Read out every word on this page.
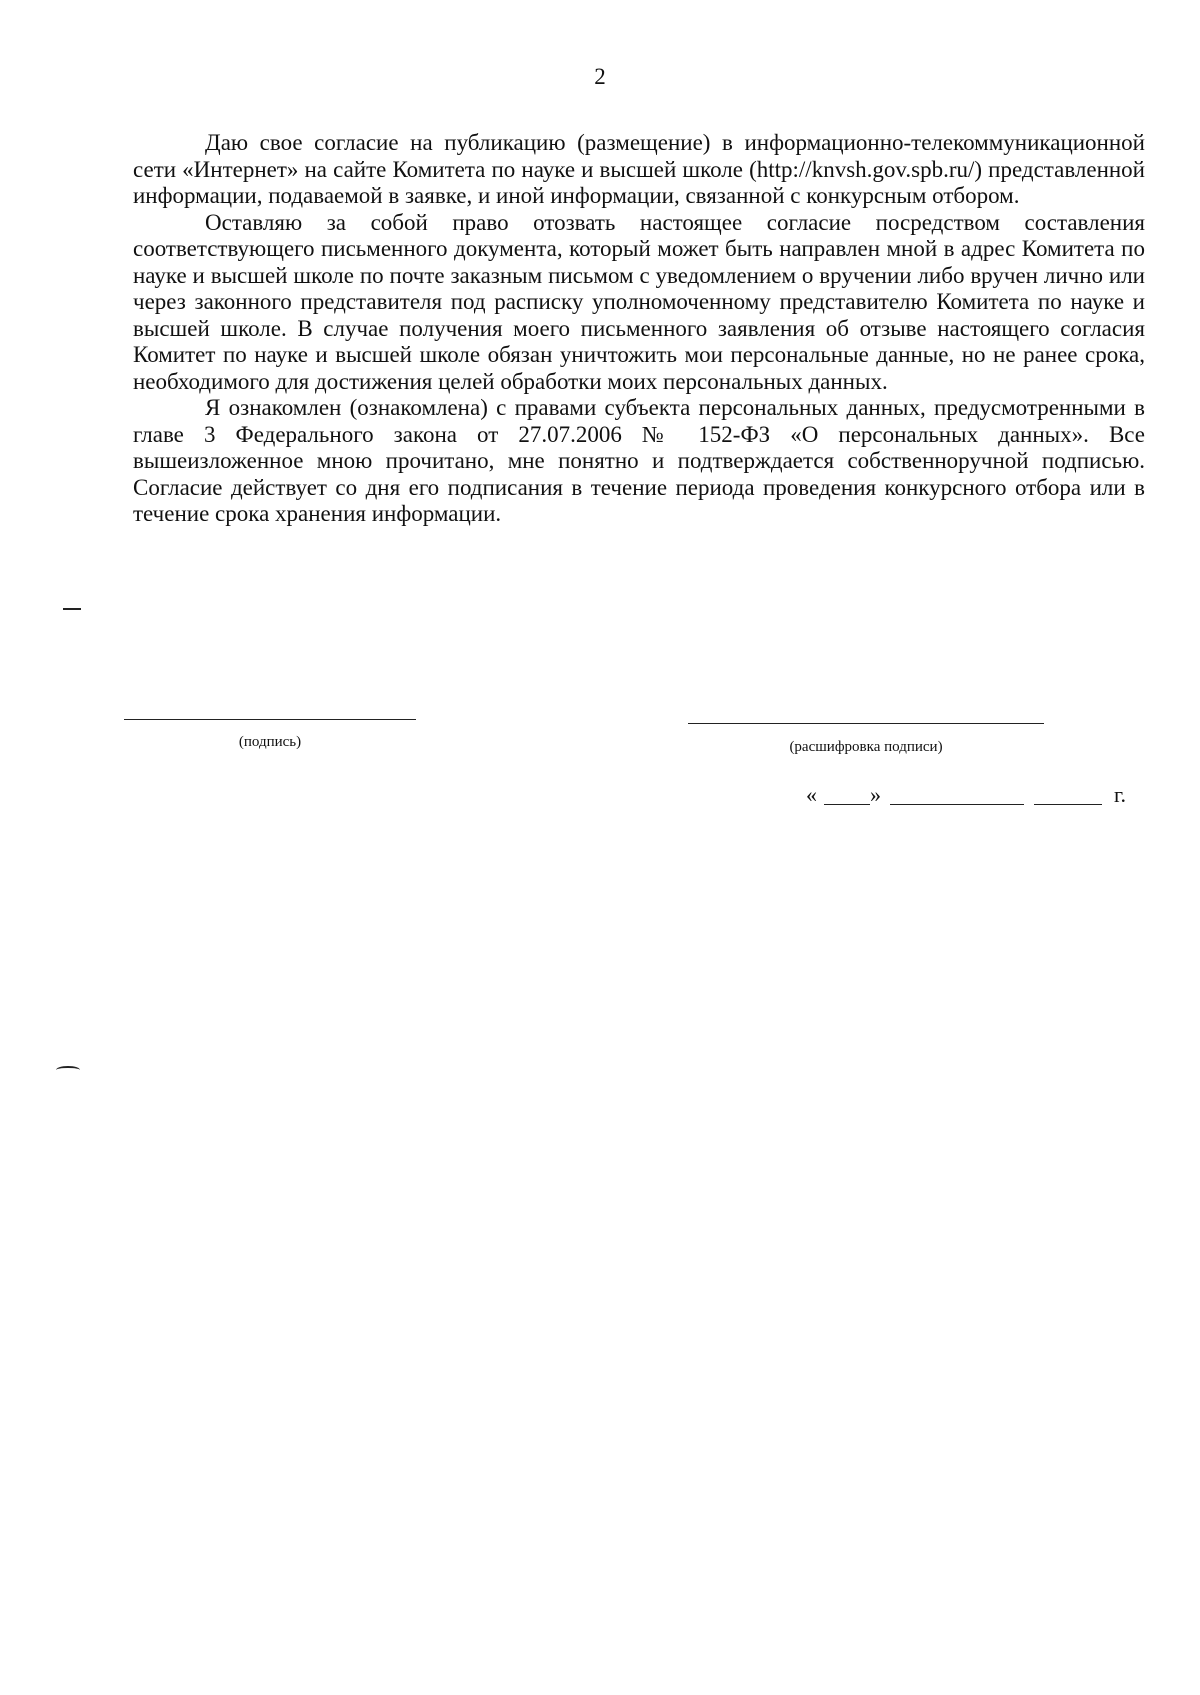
2

Даю свое согласие на публикацию (размещение) в информационно-телекоммуникационной сети «Интернет» на сайте Комитета по науке и высшей школе (http://knvsh.gov.spb.ru/) представленной информации, подаваемой в заявке, и иной информации, связанной с конкурсным отбором.

Оставляю за собой право отозвать настоящее согласие посредством составления соответствующего письменного документа, который может быть направлен мной в адрес Комитета по науке и высшей школе по почте заказным письмом с уведомлением о вручении либо вручен лично или через законного представителя под расписку уполномоченному представителю Комитета по науке и высшей школе. В случае получения моего письменного заявления об отзыве настоящего согласия Комитет по науке и высшей школе обязан уничтожить мои персональные данные, но не ранее срока, необходимого для достижения целей обработки моих персональных данных.

Я ознакомлен (ознакомлена) с правами субъекта персональных данных, предусмотренными в главе 3 Федерального закона от 27.07.2006 № 152-ФЗ «О персональных данных». Все вышеизложенное мною прочитано, мне понятно и подтверждается собственноручной подписью. Согласие действует со дня его подписания в течение периода проведения конкурсного отбора или в течение срока хранения информации.

(подпись)	(расшифровка подписи)
« »	г.
